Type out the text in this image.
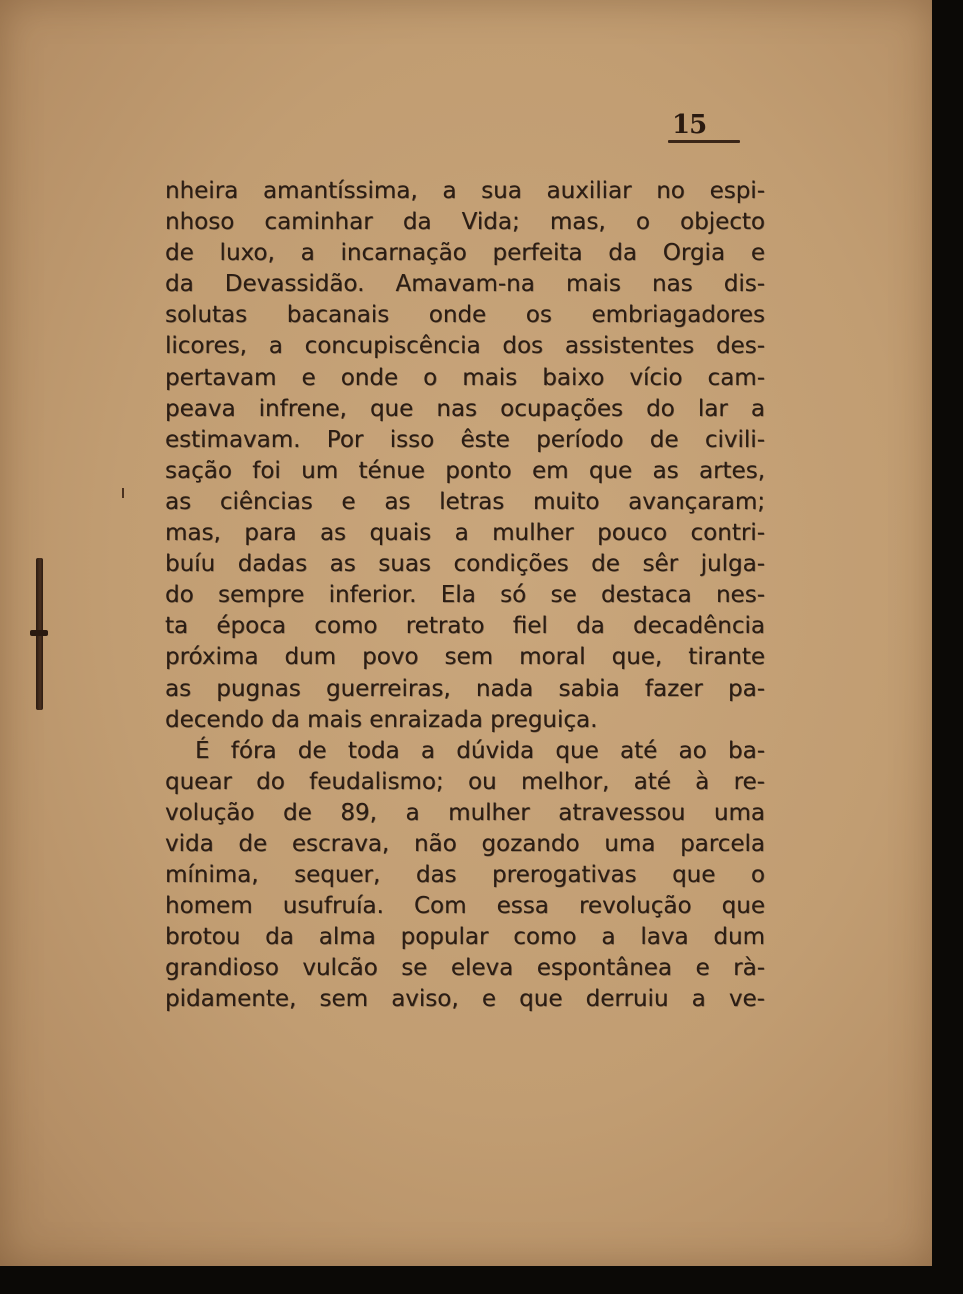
15
nheira amantíssima, a sua auxiliar no espi-
nhoso caminhar da Vida; mas, o objecto
de luxo, a incarnação perfeita da Orgia e
da Devassidão. Amavam-na mais nas dis-
solutas bacanais onde os embriagadores
licores, a concupiscência dos assistentes des-
pertavam e onde o mais baixo vício cam-
peava infrene, que nas ocupações do lar a
estimavam. Por isso êste período de civili-
sação foi um ténue ponto em que as artes,
as ciências e as letras muito avançaram;
mas, para as quais a mulher pouco contri-
buíu dadas as suas condições de sêr julga-
do sempre inferior. Ela só se destaca nes-
ta época como retrato fiel da decadência
próxima dum povo sem moral que, tirante
as pugnas guerreiras, nada sabia fazer pa-
decendo da mais enraizada preguiça.
É fóra de toda a dúvida que até ao ba-
quear do feudalismo; ou melhor, até à re-
volução de 89, a mulher atravessou uma
vida de escrava, não gozando uma parcela
mínima, sequer, das prerogativas que o
homem usufruía. Com essa revolução que
brotou da alma popular como a lava dum
grandioso vulcão se eleva espontânea e rà-
pidamente, sem aviso, e que derruiu a ve-
